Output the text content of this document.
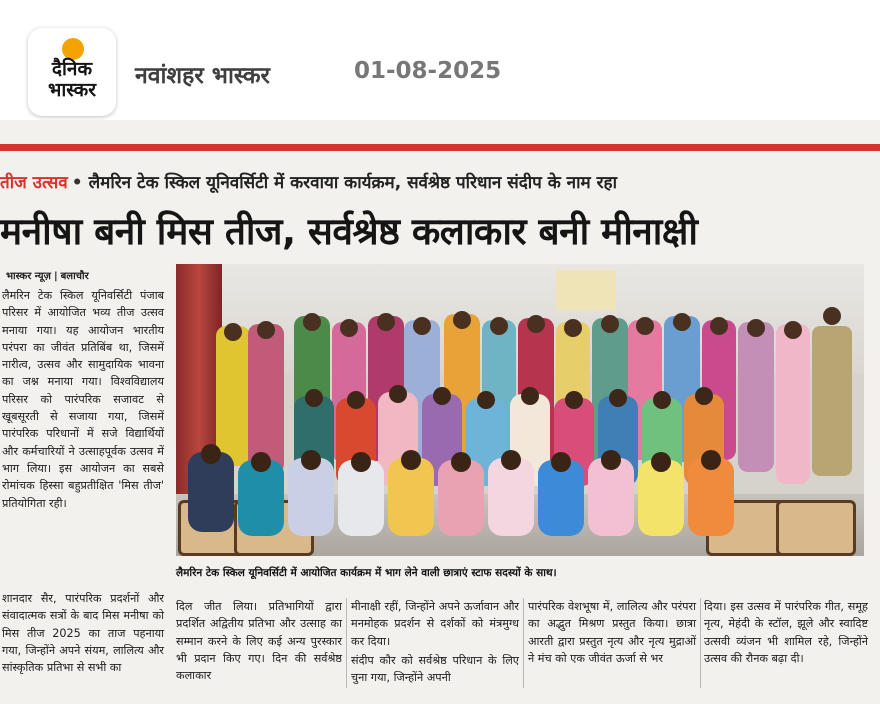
दैनिक
भास्कर
नवांशहर भास्कर	01-08-2025
तीज उत्सव • लैमरिन टेक स्किल यूनिवर्सिटी में करवाया कार्यक्रम, सर्वश्रेष्ठ परिधान संदीप के नाम रहा
मनीषा बनी मिस तीज, सर्वश्रेष्ठ कलाकार बनी मीनाक्षी
भास्कर न्यूज़ | बलाचौर

लैमरिन टेक स्किल यूनिवर्सिटी पंजाब परिसर में आयोजित भव्य तीज उत्सव मनाया गया। यह आयोजन भारतीय परंपरा का जीवंत प्रतिबिंब था, जिसमें नारीत्व, उत्सव और सामुदायिक भावना का जश्न मनाया गया। विश्वविद्यालय परिसर को पारंपरिक सजावट से खूबसूरती से सजाया गया, जिसमें पारंपरिक परिधानों में सजे विद्यार्थियों और कर्मचारियों ने उत्साहपूर्वक उत्सव में भाग लिया। इस आयोजन का सबसे रोमांचक हिस्सा बहुप्रतीक्षित 'मिस तीज' प्रतियोगिता रही।

शानदार सैर, पारंपरिक प्रदर्शनों और संवादात्मक सत्रों के बाद मिस मनीषा को मिस तीज 2025 का ताज पहनाया गया, जिन्होंने अपने संयम, लालित्य और सांस्कृतिक प्रतिभा से सभी का

लैमरिन टेक स्किल यूनिवर्सिटी में आयोजित कार्यक्रम में भाग लेने वाली छात्राएं स्टाफ सदस्यों के साथ।

दिल जीत लिया। प्रतिभागियों द्वारा प्रदर्शित अद्वितीय प्रतिभा और उत्साह का सम्मान करने के लिए कई अन्य पुरस्कार भी प्रदान किए गए। दिन की सर्वश्रेष्ठ कलाकार

मीनाक्षी रहीं, जिन्होंने अपने ऊर्जावान और मनमोहक प्रदर्शन से दर्शकों को मंत्रमुग्ध कर दिया।

संदीप कौर को सर्वश्रेष्ठ परिधान के लिए चुना गया, जिन्होंने अपनी

पारंपरिक वेशभूषा में, लालित्य और परंपरा का अद्भुत मिश्रण प्रस्तुत किया। छात्रा आरती द्वारा प्रस्तुत नृत्य और नृत्य मुद्राओं ने मंच को एक जीवंत ऊर्जा से भर

दिया। इस उत्सव में पारंपरिक गीत, समूह नृत्य, मेहंदी के स्टॉल, झूले और स्वादिष्ट उत्सवी व्यंजन भी शामिल रहे, जिन्होंने उत्सव की रौनक बढ़ा दी।
